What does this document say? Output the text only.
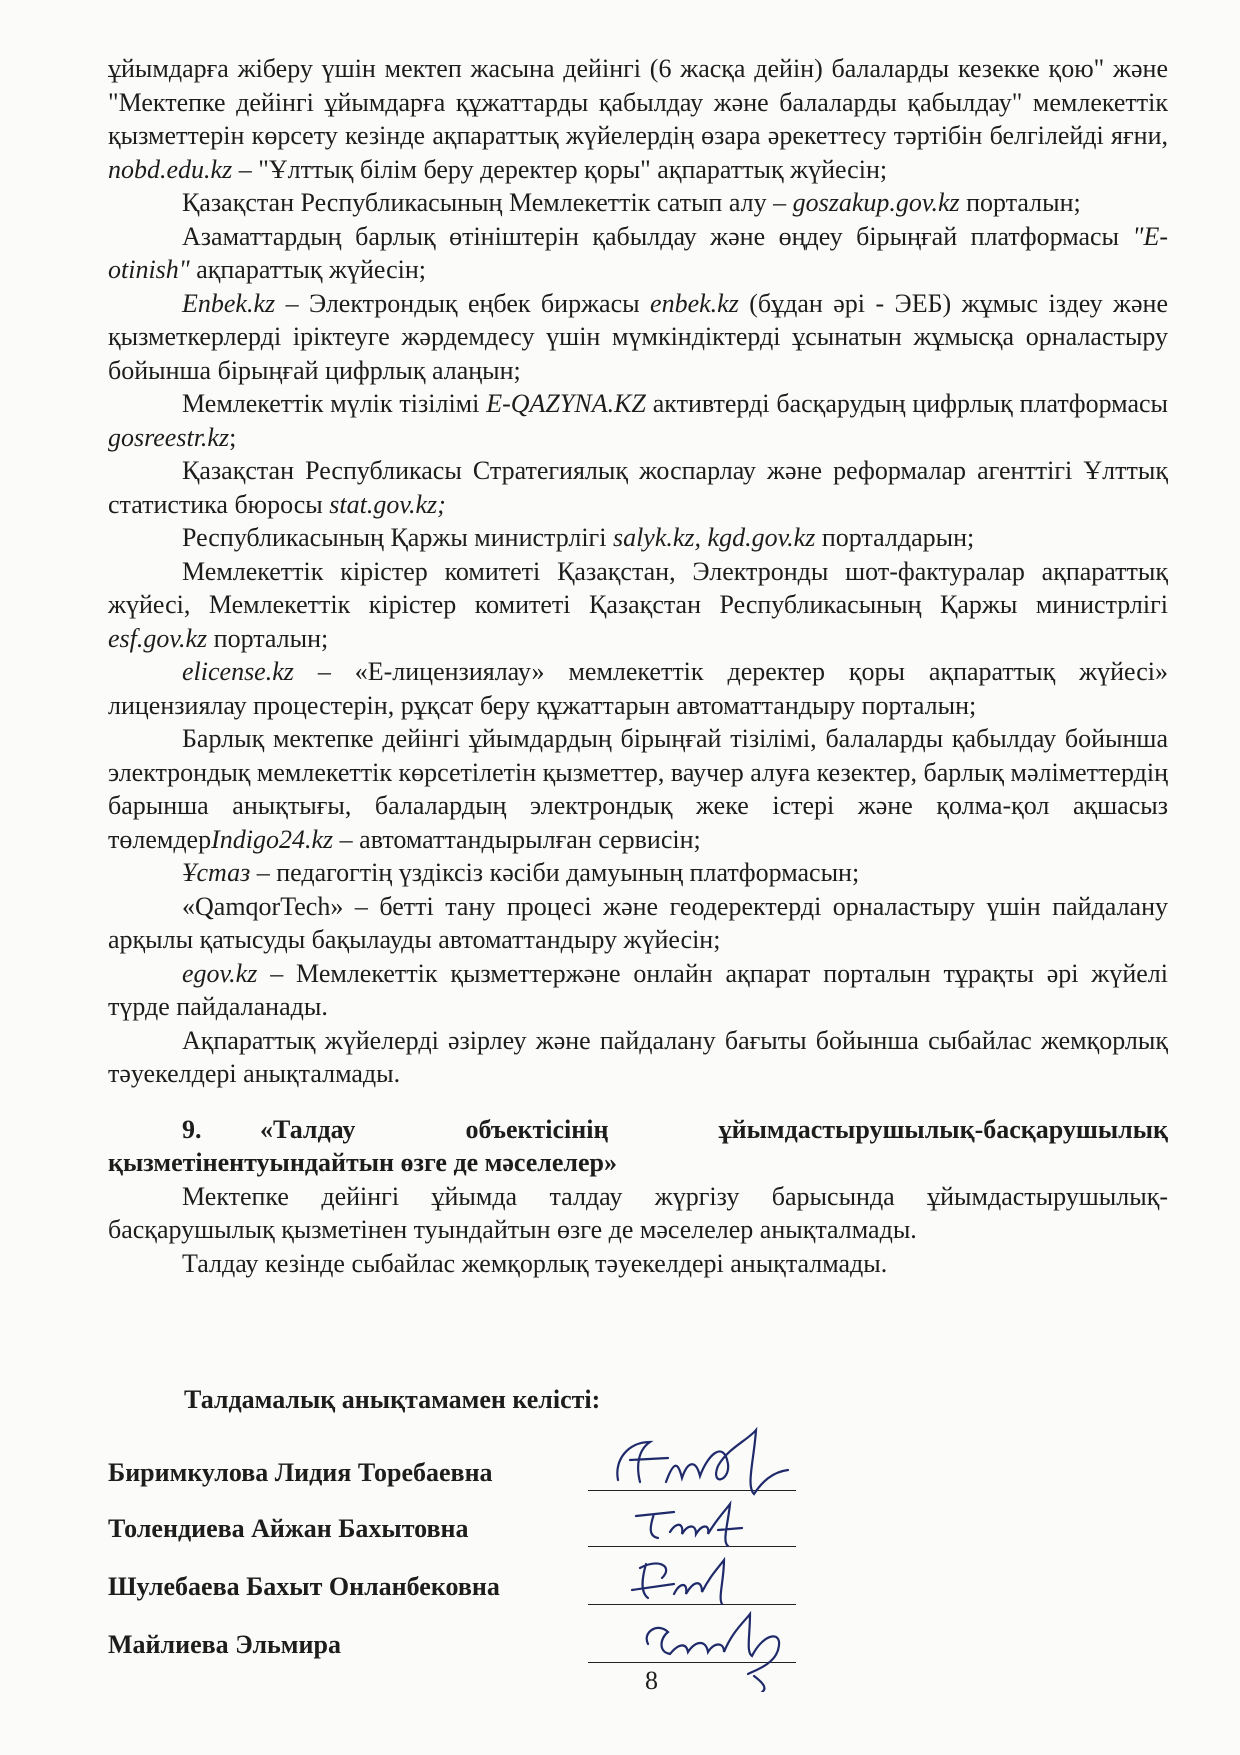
ұйымдарға жіберу үшін мектеп жасына дейінгі (6 жасқа дейін) балаларды кезекке қою" және "Мектепке дейінгі ұйымдарға құжаттарды қабылдау және балаларды қабылдау" мемлекеттік қызметтерін көрсету кезінде ақпараттық жүйелердің өзара әрекеттесу тәртібін белгілейді яғни, nobd.edu.kz – "Ұлттық білім беру деректер қоры" ақпараттық жүйесін;

Қазақстан Республикасының Мемлекеттік сатып алу – goszakup.gov.kz порталын;

Азаматтардың барлық өтініштерін қабылдау және өңдеу бірыңғай платформасы "E-otinish" ақпараттық жүйесін;

Enbek.kz – Электрондық еңбек биржасы enbek.kz (бұдан әрі - ЭЕБ) жұмыс іздеу және қызметкерлерді іріктеуге жәрдемдесу үшін мүмкіндіктерді ұсынатын жұмысқа орналастыру бойынша бірыңғай цифрлық алаңын;

Мемлекеттік мүлік тізілімі E-QAZYNA.KZ активтерді басқарудың цифрлық платформасы gosreestr.kz;

Қазақстан Республикасы Стратегиялық жоспарлау және реформалар агенттігі Ұлттық статистика бюросы stat.gov.kz;

Республикасының Қаржы министрлігі salyk.kz, kgd.gov.kz порталдарын;

Мемлекеттік кірістер комитеті Қазақстан, Электронды шот-фактуралар ақпараттық жүйесі, Мемлекеттік кірістер комитеті Қазақстан Республикасының Қаржы министрлігі esf.gov.kz порталын;

elicense.kz – «Е-лицензиялау» мемлекеттік деректер қоры ақпараттық жүйесі» лицензиялау процестерін, рұқсат беру құжаттарын автоматтандыру порталын;

Барлық мектепке дейінгі ұйымдардың бірыңғай тізілімі, балаларды қабылдау бойынша электрондық мемлекеттік көрсетілетін қызметтер, ваучер алуға кезектер, барлық мәліметтердің барынша анықтығы, балалардың электрондық жеке істері және қолма-қол ақшасыз төлемдерIndigo24.kz – автоматтандырылған сервисін;

Ұстаз – педагогтің үздіксіз кәсіби дамуының платформасын;

«QamqorTech» – бетті тану процесі және геодеректерді орналастыру үшін пайдалану арқылы қатысуды бақылауды автоматтандыру жүйесін;

egov.kz – Мемлекеттік қызметтержәне онлайн ақпарат порталын тұрақты әрі жүйелі түрде пайдаланады.

Ақпараттық жүйелерді әзірлеу және пайдалану бағыты бойынша сыбайлас жемқорлық тәуекелдері анықталмады.

9. «Талдау объектісінің ұйымдастырушылық-басқарушылық қызметінентуындайтын өзге де мәселелер»

Мектепке дейінгі ұйымда талдау жүргізу барысында ұйымдастырушылық-басқарушылық қызметінен туындайтын өзге де мәселелер анықталмады.

Талдау кезінде сыбайлас жемқорлық тәуекелдері анықталмады.

Талдамалық анықтамамен келісті:
Биримкулова Лидия Торебаевна
Толендиева Айжан Бахытовна
Шулебаева Бахыт Онланбековна
Майлиева Эльмира
8
